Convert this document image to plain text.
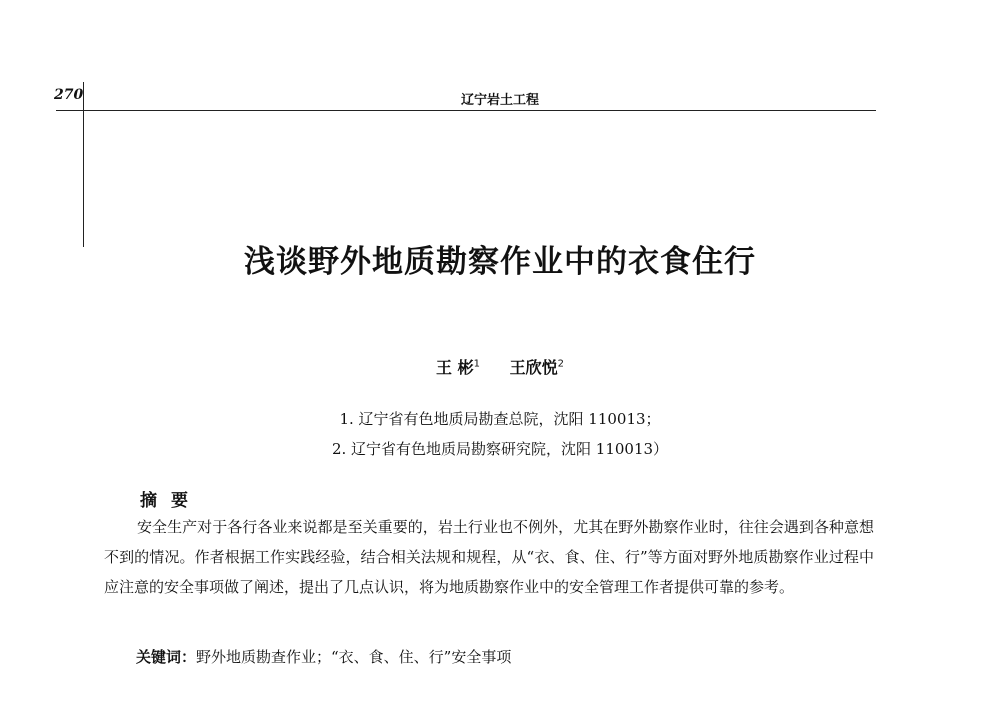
270	辽宁岩土工程
浅谈野外地质勘察作业中的衣食住行
王 彬$^1$ 王欣悦$^2$
1. 辽宁省有色地质局勘查总院，沈阳 110013；
2. 辽宁省有色地质局勘察研究院，沈阳 110013）
摘要
安全生产对于各行各业来说都是至关重要的，岩土行业也不例外，尤其在野外勘察作业时，往往会遇到各种意想不到的情况。作者根据工作实践经验，结合相关法规和规程，从“衣、食、住、行”等方面对野外地质勘察作业过程中应注意的安全事项做了阐述，提出了几点认识，将为地质勘察作业中的安全管理工作者提供可靠的参考。
关键词：野外地质勘查作业；“衣、食、住、行”安全事项
